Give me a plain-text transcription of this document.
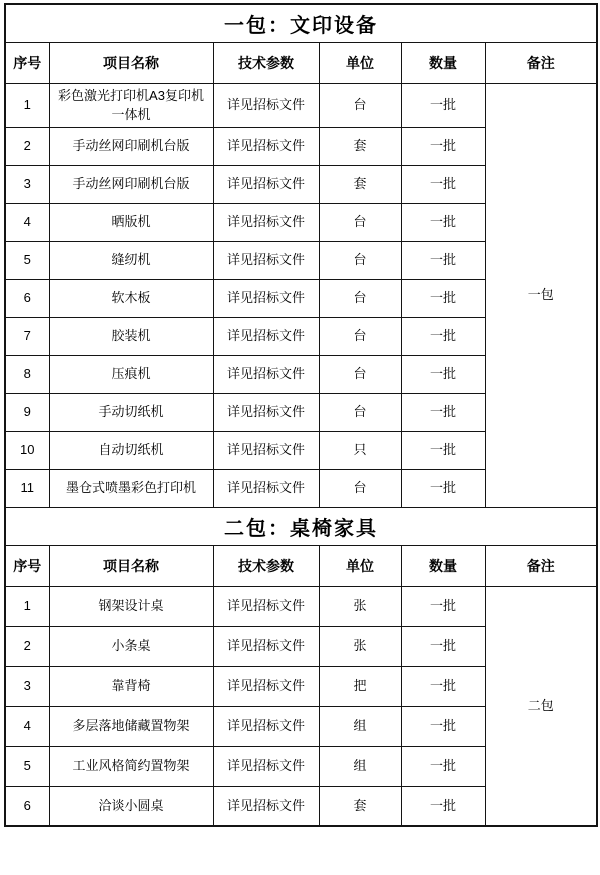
一包：文印设备					
序号	项目名称	技术参数	单位	数量	备注
1	彩色激光打印机A3复印机一体机	详见招标文件	台	一批	一包
2	手动丝网印刷机台版	详见招标文件	套	一批	
3	手动丝网印刷机台版	详见招标文件	套	一批	
4	晒版机	详见招标文件	台	一批	
5	缝纫机	详见招标文件	台	一批	
6	软木板	详见招标文件	台	一批	
7	胶装机	详见招标文件	台	一批	
8	压痕机	详见招标文件	台	一批	
9	手动切纸机	详见招标文件	台	一批	
10	自动切纸机	详见招标文件	只	一批	
11	墨仓式喷墨彩色打印机	详见招标文件	台	一批	
二包：桌椅家具					
序号	项目名称	技术参数	单位	数量	备注
1	钢架设计桌	详见招标文件	张	一批	二包
2	小条桌	详见招标文件	张	一批	
3	靠背椅	详见招标文件	把	一批	
4	多层落地储藏置物架	详见招标文件	组	一批	
5	工业风格简约置物架	详见招标文件	组	一批	
6	洽谈小圆桌	详见招标文件	套	一批	
